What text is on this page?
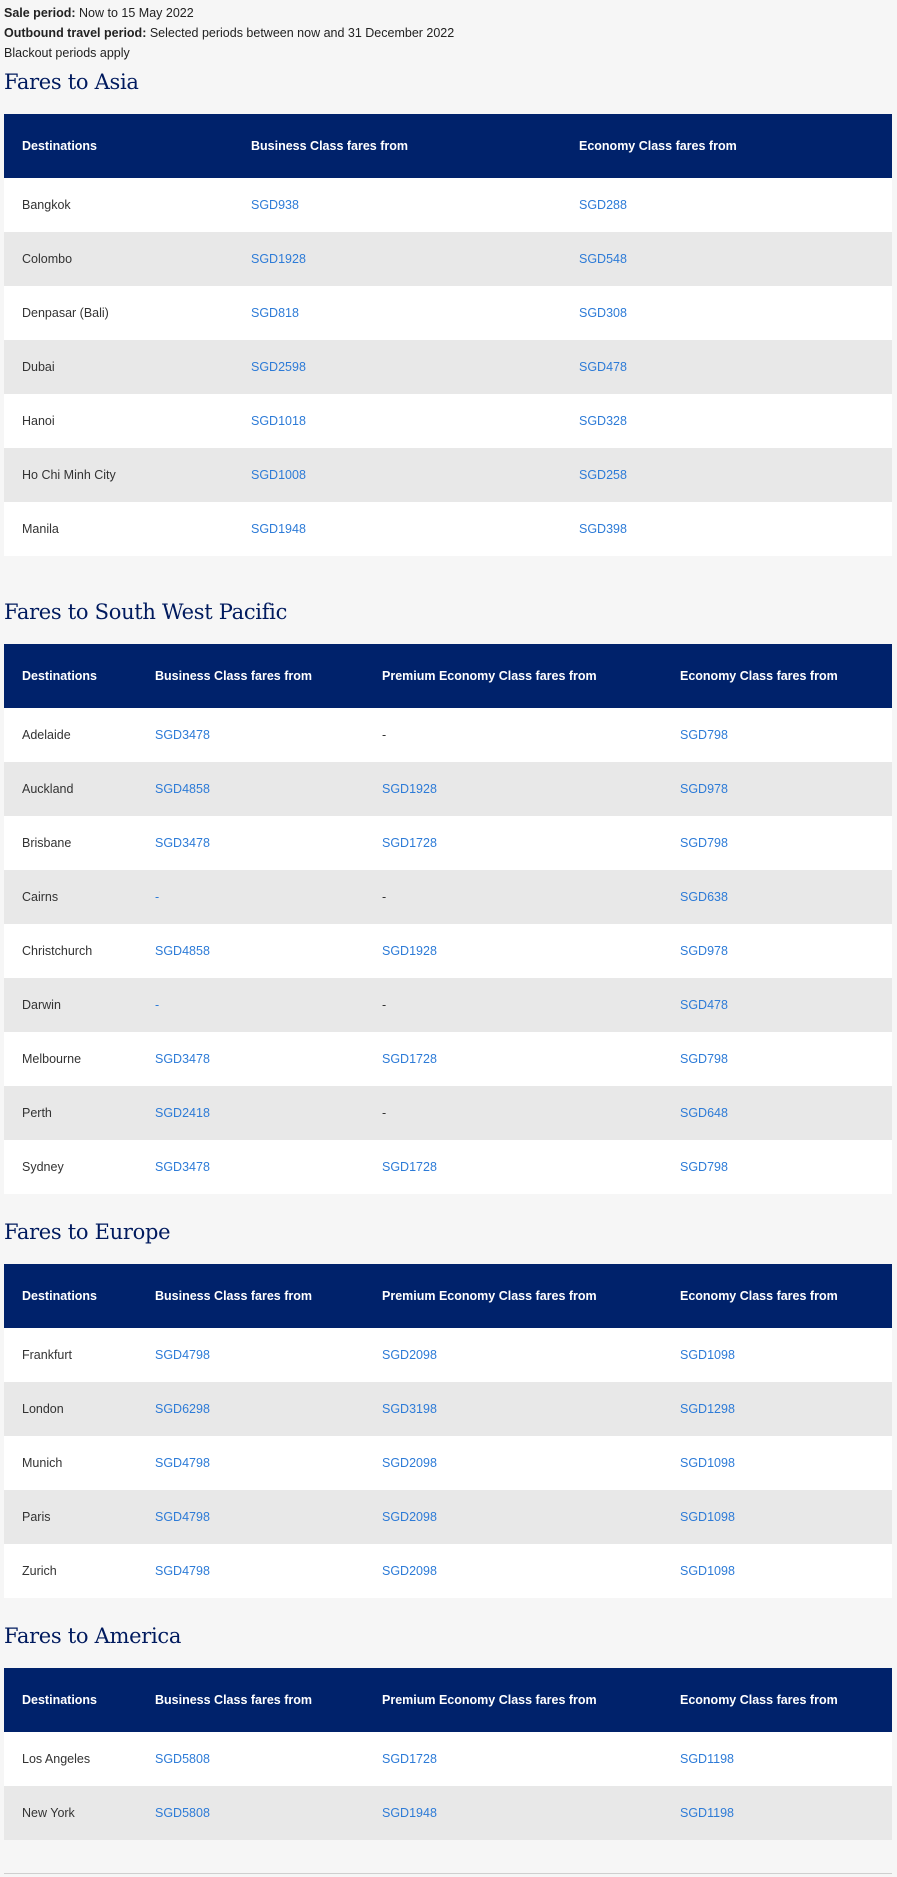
Sale period: Now to 15 May 2022
Outbound travel period: Selected periods between now and 31 December 2022
Blackout periods apply
Fares to Asia
Destinations	Business Class fares from	Economy Class fares from
Bangkok	SGD938	SGD288
Colombo	SGD1928	SGD548
Denpasar (Bali)	SGD818	SGD308
Dubai	SGD2598	SGD478
Hanoi	SGD1018	SGD328
Ho Chi Minh City	SGD1008	SGD258
Manila	SGD1948	SGD398
Fares to South West Pacific
Destinations	Business Class fares from	Premium Economy Class fares from	Economy Class fares from
Adelaide	SGD3478	-	SGD798
Auckland	SGD4858	SGD1928	SGD978
Brisbane	SGD3478	SGD1728	SGD798
Cairns	-	-	SGD638
Christchurch	SGD4858	SGD1928	SGD978
Darwin	-	-	SGD478
Melbourne	SGD3478	SGD1728	SGD798
Perth	SGD2418	-	SGD648
Sydney	SGD3478	SGD1728	SGD798
Fares to Europe
Destinations	Business Class fares from	Premium Economy Class fares from	Economy Class fares from
Frankfurt	SGD4798	SGD2098	SGD1098
London	SGD6298	SGD3198	SGD1298
Munich	SGD4798	SGD2098	SGD1098
Paris	SGD4798	SGD2098	SGD1098
Zurich	SGD4798	SGD2098	SGD1098
Fares to America
Destinations	Business Class fares from	Premium Economy Class fares from	Economy Class fares from
Los Angeles	SGD5808	SGD1728	SGD1198
New York	SGD5808	SGD1948	SGD1198
